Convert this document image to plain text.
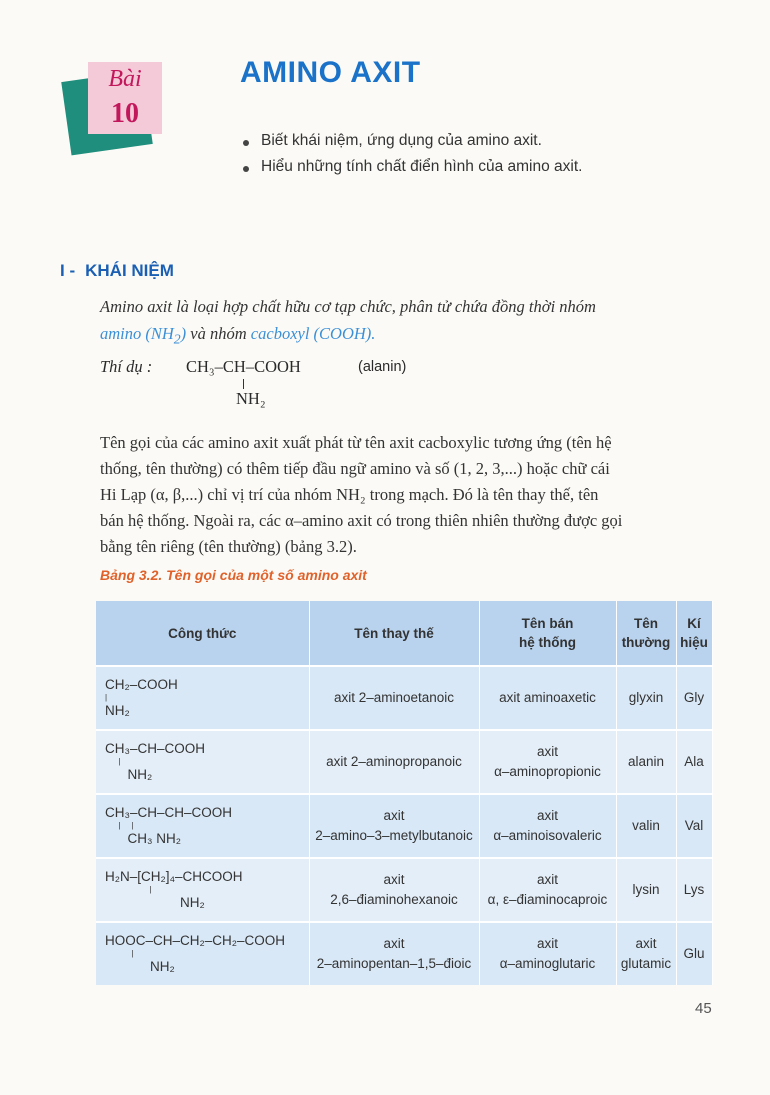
Bài
10
AMINO AXIT
Biết khái niệm, ứng dụng của amino axit.
Hiểu những tính chất điển hình của amino axit.
I - KHÁI NIỆM
Amino axit là loại hợp chất hữu cơ tạp chức, phân tử chứa đồng thời nhóm
amino $(NH_2)$ và nhóm cacboxyl (COOH).
Thí dụ : CH₃–CH–COOH
NH₂
(alanin)
Tên gọi của các amino axit xuất phát từ tên axit cacboxylic tương ứng (tên hệ
thống, tên thường) có thêm tiếp đầu ngữ amino và số (1, 2, 3,...) hoặc chữ cái
Hi Lạp (α, β,...) chỉ vị trí của nhóm NH₂ trong mạch. Đó là tên thay thế, tên
bán hệ thống. Ngoài ra, các α–amino axit có trong thiên nhiên thường được gọi
bằng tên riêng (tên thường) (bảng 3.2).
Bảng 3.2. Tên gọi của một số amino axit
Công thức	Tên thay thế	Tên bán
hệ thống	Tên
thường	Kí
hiệu

CH₂–COOH
|
NH₂	axit 2–aminoetanoic	axit aminoaxetic	glyxin	Gly

CH₃–CH–COOH
|
NH₂	axit 2–aminopropanoic	axit
α–aminopropionic	alanin	Ala

CH₃–CH–CH–COOH
|     |
CH₃ NH₂	axit
2–amino–3–metylbutanoic	axit
α–aminoisovaleric	valin	Val

H₂N–[CH₂]₄–CHCOOH
|
NH₂	axit
2,6–điaminohexanoic	axit
α, ε–điaminocaproic	lysin	Lys

HOOC–CH–CH₂–CH₂–COOH
|
NH₂	axit
2–aminopentan–1,5–đioic	axit
α–aminoglutaric	axit
glutamic	Glu
45
